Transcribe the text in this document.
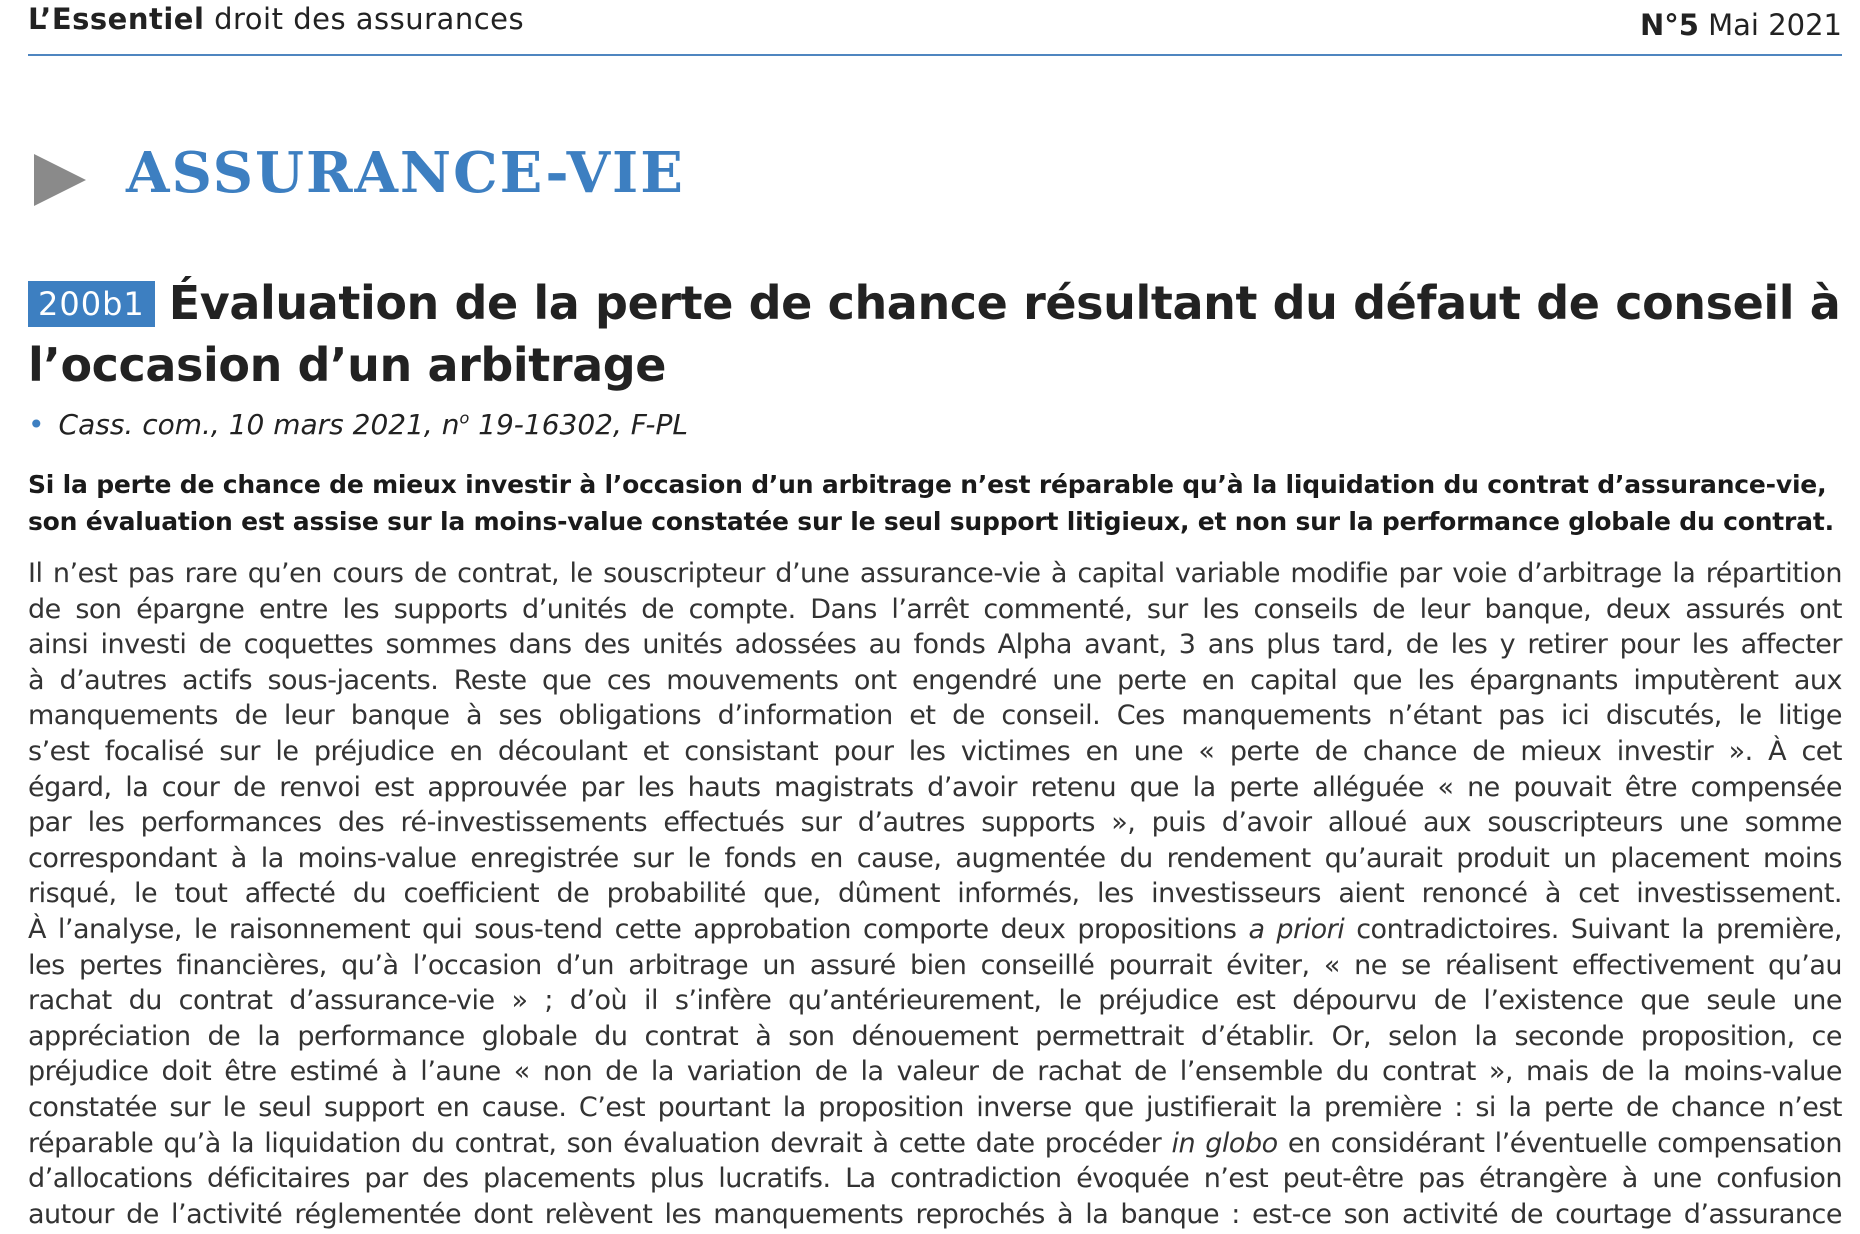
L’Essentiel droit des assurances	N°5 Mai 2021
ASSURANCE-VIE
200b1 Évaluation de la perte de chance résultant du défaut de conseil à l’occasion d’un arbitrage
• Cass. com., 10 mars 2021, $n^o$ 19-16302, F-PL
Si la perte de chance de mieux investir à l’occasion d’un arbitrage n’est réparable qu’à la liquidation du contrat d’assurance-vie, son évaluation est assise sur la moins-value constatée sur le seul support litigieux, et non sur la performance globale du contrat.
Il n’est pas rare qu’en cours de contrat, le souscripteur d’une assurance-vie à capital variable modifie par voie d’arbitrage la répartition
de son épargne entre les supports d’unités de compte. Dans l’arrêt commenté, sur les conseils de leur banque, deux assurés ont
ainsi investi de coquettes sommes dans des unités adossées au fonds Alpha avant, 3 ans plus tard, de les y retirer pour les affecter
à d’autres actifs sous-jacents. Reste que ces mouvements ont engendré une perte en capital que les épargnants imputèrent aux
manquements de leur banque à ses obligations d’information et de conseil. Ces manquements n’étant pas ici discutés, le litige
s’est focalisé sur le préjudice en découlant et consistant pour les victimes en une « perte de chance de mieux investir ». À cet
égard, la cour de renvoi est approuvée par les hauts magistrats d’avoir retenu que la perte alléguée « ne pouvait être compensée
par les performances des ré-investissements effectués sur d’autres supports », puis d’avoir alloué aux souscripteurs une somme
correspondant à la moins-value enregistrée sur le fonds en cause, augmentée du rendement qu’aurait produit un placement moins
risqué, le tout affecté du coefficient de probabilité que, dûment informés, les investisseurs aient renoncé à cet investissement.
À l’analyse, le raisonnement qui sous-tend cette approbation comporte deux propositions a priori contradictoires. Suivant la première,
les pertes financières, qu’à l’occasion d’un arbitrage un assuré bien conseillé pourrait éviter, « ne se réalisent effectivement qu’au
rachat du contrat d’assurance-vie » ; d’où il s’infère qu’antérieurement, le préjudice est dépourvu de l’existence que seule une
appréciation de la performance globale du contrat à son dénouement permettrait d’établir. Or, selon la seconde proposition, ce
préjudice doit être estimé à l’aune « non de la variation de la valeur de rachat de l’ensemble du contrat », mais de la moins-value
constatée sur le seul support en cause. C’est pourtant la proposition inverse que justifierait la première : si la perte de chance n’est
réparable qu’à la liquidation du contrat, son évaluation devrait à cette date procéder in globo en considérant l’éventuelle compensation
d’allocations déficitaires par des placements plus lucratifs. La contradiction évoquée n’est peut-être pas étrangère à une confusion
autour de l’activité réglementée dont relèvent les manquements reprochés à la banque : est-ce son activité de courtage d’assurance
